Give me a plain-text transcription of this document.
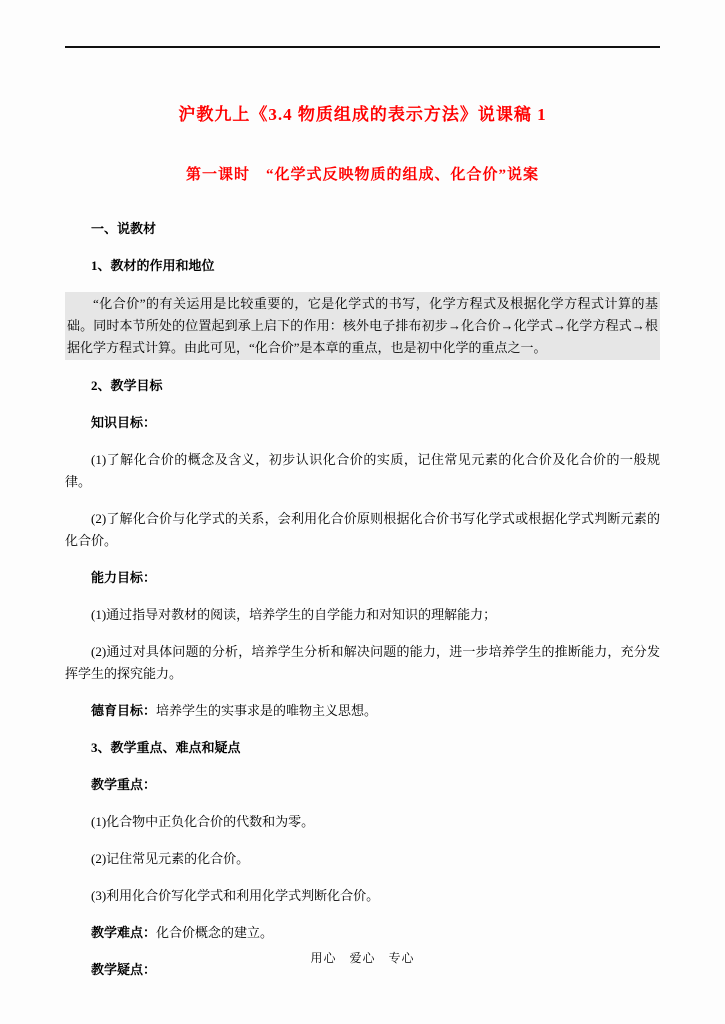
沪教九上《3.4 物质组成的表示方法》说课稿 1
第一课时　“化学式反映物质的组成、化合价”说案

一、说教材

1、教材的作用和地位

“化合价”的有关运用是比较重要的，它是化学式的书写，化学方程式及根据化学方程式计算的基础。同时本节所处的位置起到承上启下的作用：核外电子排布初步→化合价→化学式→化学方程式→根据化学方程式计算。由此可见，“化合价”是本章的重点，也是初中化学的重点之一。

2、教学目标

知识目标：

(1)了解化合价的概念及含义，初步认识化合价的实质，记住常见元素的化合价及化合价的一般规律。

(2)了解化合价与化学式的关系，会利用化合价原则根据化合价书写化学式或根据化学式判断元素的化合价。

能力目标：

(1)通过指导对教材的阅读，培养学生的自学能力和对知识的理解能力；

(2)通过对具体问题的分析，培养学生分析和解决问题的能力，进一步培养学生的推断能力，充分发挥学生的探究能力。

德育目标：培养学生的实事求是的唯物主义思想。

3、教学重点、难点和疑点

教学重点：

(1)化合物中正负化合价的代数和为零。

(2)记住常见元素的化合价。

(3)利用化合价写化学式和利用化学式判断化合价。

教学难点：化合价概念的建立。

教学疑点：

用心　爱心　专心
